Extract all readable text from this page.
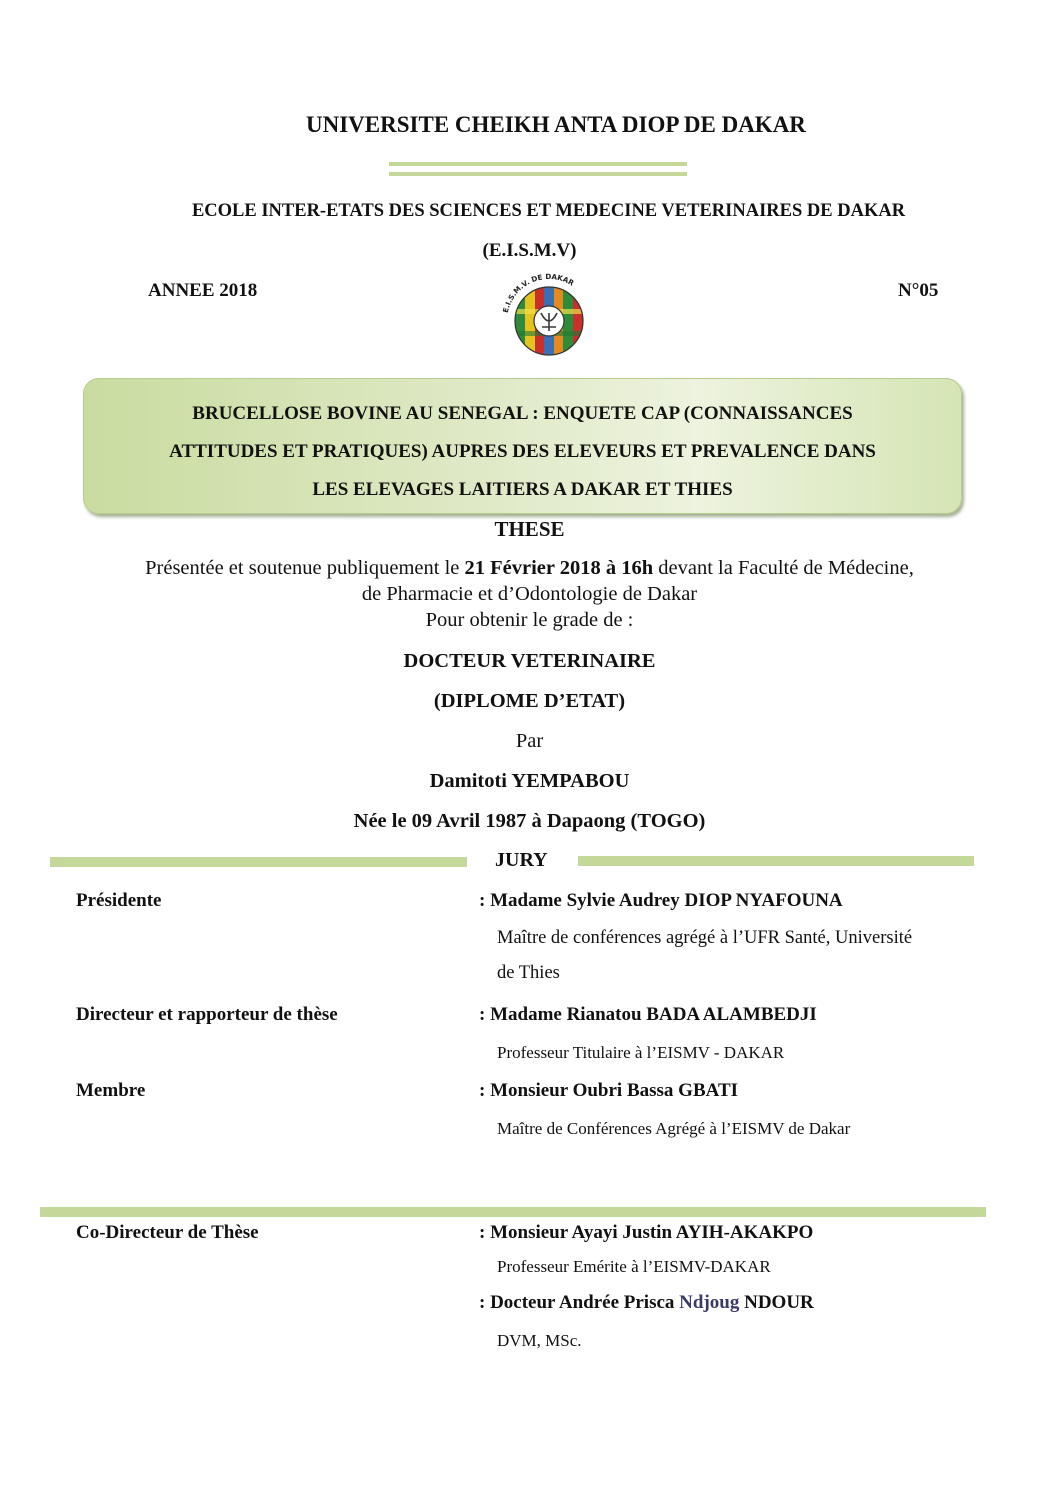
UNIVERSITE CHEIKH ANTA DIOP DE DAKAR
ECOLE INTER-ETATS DES SCIENCES ET MEDECINE VETERINAIRES DE DAKAR
(E.I.S.M.V)
ANNEE 2018	N°05
E.I.S.M.V. DE DAKAR
BRUCELLOSE BOVINE AU SENEGAL : ENQUETE CAP (CONNAISSANCES
ATTITUDES ET PRATIQUES) AUPRES DES ELEVEURS ET PREVALENCE DANS
LES ELEVAGES LAITIERS A DAKAR ET THIES
THESE
Présentée et soutenue publiquement le 21 Février 2018 à 16h devant la Faculté de Médecine,
de Pharmacie et d’Odontologie de Dakar
Pour obtenir le grade de :
DOCTEUR VETERINAIRE
(DIPLOME D’ETAT)
Par
Damitoti YEMPABOU
Née le 09 Avril 1987 à Dapaong (TOGO)
JURY
Présidente	: Madame Sylvie Audrey DIOP NYAFOUNA
Maître de conférences agrégé à l’UFR Santé, Université
de Thies
Directeur et rapporteur de thèse	: Madame Rianatou BADA ALAMBEDJI
Professeur Titulaire à l’EISMV - DAKAR
Membre	: Monsieur Oubri Bassa GBATI
Maître de Conférences Agrégé à l’EISMV de Dakar
Co-Directeur de Thèse	: Monsieur Ayayi Justin AYIH-AKAKPO
Professeur Emérite à l’EISMV-DAKAR
: Docteur Andrée Prisca Ndjoug NDOUR
DVM, MSc.
